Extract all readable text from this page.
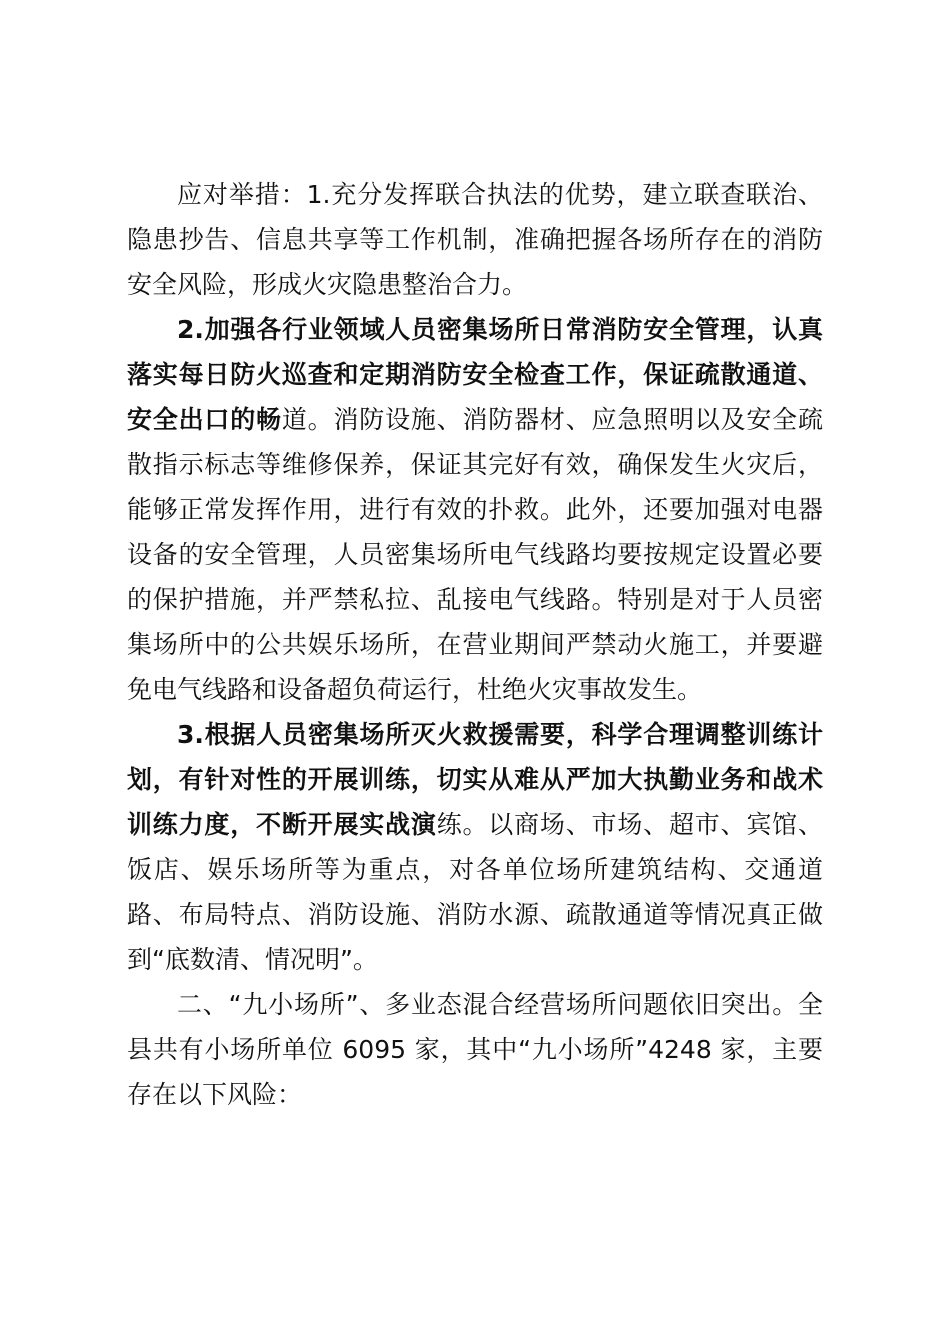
应对举措：1.充分发挥联合执法的优势，建立联查联治、隐患抄告、信息共享等工作机制，准确把握各场所存在的消防安全风险，形成火灾隐患整治合力。

2.加强各行业领域人员密集场所日常消防安全管理，认真落实每日防火巡查和定期消防安全检查工作，保证疏散通道、安全出口的畅道。消防设施、消防器材、应急照明以及安全疏散指示标志等维修保养，保证其完好有效，确保发生火灾后，能够正常发挥作用，进行有效的扑救。此外，还要加强对电器设备的安全管理，人员密集场所电气线路均要按规定设置必要的保护措施，并严禁私拉、乱接电气线路。特别是对于人员密集场所中的公共娱乐场所，在营业期间严禁动火施工，并要避免电气线路和设备超负荷运行，杜绝火灾事故发生。

3.根据人员密集场所灭火救援需要，科学合理调整训练计划，有针对性的开展训练，切实从难从严加大执勤业务和战术训练力度，不断开展实战演练。以商场、市场、超市、宾馆、饭店、娱乐场所等为重点，对各单位场所建筑结构、交通道路、布局特点、消防设施、消防水源、疏散通道等情况真正做到“底数清、情况明”。

二、“九小场所”、多业态混合经营场所问题依旧突出。全县共有小场所单位 6095 家，其中“九小场所”4248 家，主要存在以下风险：
